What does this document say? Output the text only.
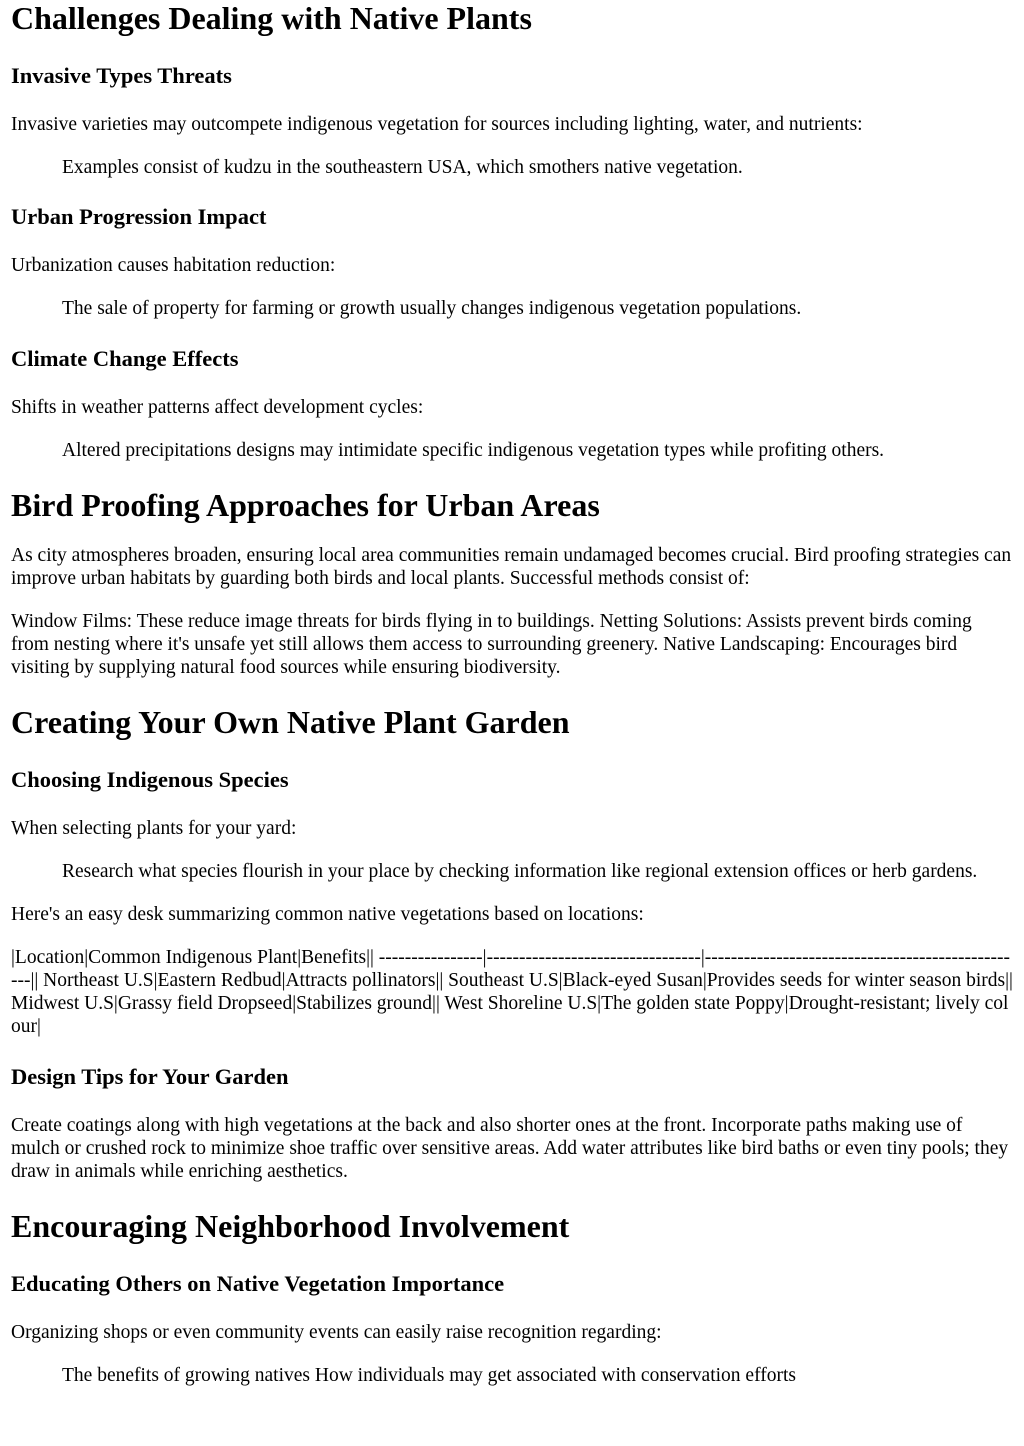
Challenges Dealing with Native Plants
Invasive Types Threats

Invasive varieties may outcompete indigenous vegetation for sources including lighting, water, and nutrients:

Examples consist of kudzu in the southeastern USA, which smothers native vegetation.
Urban Progression Impact

Urbanization causes habitation reduction:

The sale of property for farming or growth usually changes indigenous vegetation populations.
Climate Change Effects

Shifts in weather patterns affect development cycles:

Altered precipitations designs may intimidate specific indigenous vegetation types while profiting others.
Bird Proofing Approaches for Urban Areas

As city atmospheres broaden, ensuring local area communities remain undamaged becomes crucial. Bird proofing strategies can improve urban habitats by guarding both birds and local plants. Successful methods consist of:

Window Films: These reduce image threats for birds flying in to buildings. Netting Solutions: Assists prevent birds coming from nesting where it's unsafe yet still allows them access to surrounding greenery. Native Landscaping: Encourages bird visiting by supplying natural food sources while ensuring biodiversity.

Creating Your Own Native Plant Garden
Choosing Indigenous Species

When selecting plants for your yard:

Research what species flourish in your place by checking information like regional extension offices or herb gardens.

Here's an easy desk summarizing common native vegetations based on locations:

|Location|Common Indigenous Plant|Benefits|| ----------------|---------------------------------|--------------------------------------------------|| Northeast U.S|Eastern Redbud|Attracts pollinators|| Southeast U.S|Black-eyed Susan|Provides seeds for winter season birds|| Midwest U.S|Grassy field Dropseed|Stabilizes ground|| West Shoreline U.S|The golden state Poppy|Drought-resistant; lively colour|

Design Tips for Your Garden

Create coatings along with high vegetations at the back and also shorter ones at the front. Incorporate paths making use of mulch or crushed rock to minimize shoe traffic over sensitive areas. Add water attributes like bird baths or even tiny pools; they draw in animals while enriching aesthetics.

Encouraging Neighborhood Involvement
Educating Others on Native Vegetation Importance

Organizing shops or even community events can easily raise recognition regarding:

The benefits of growing natives How individuals may get associated with conservation efforts
